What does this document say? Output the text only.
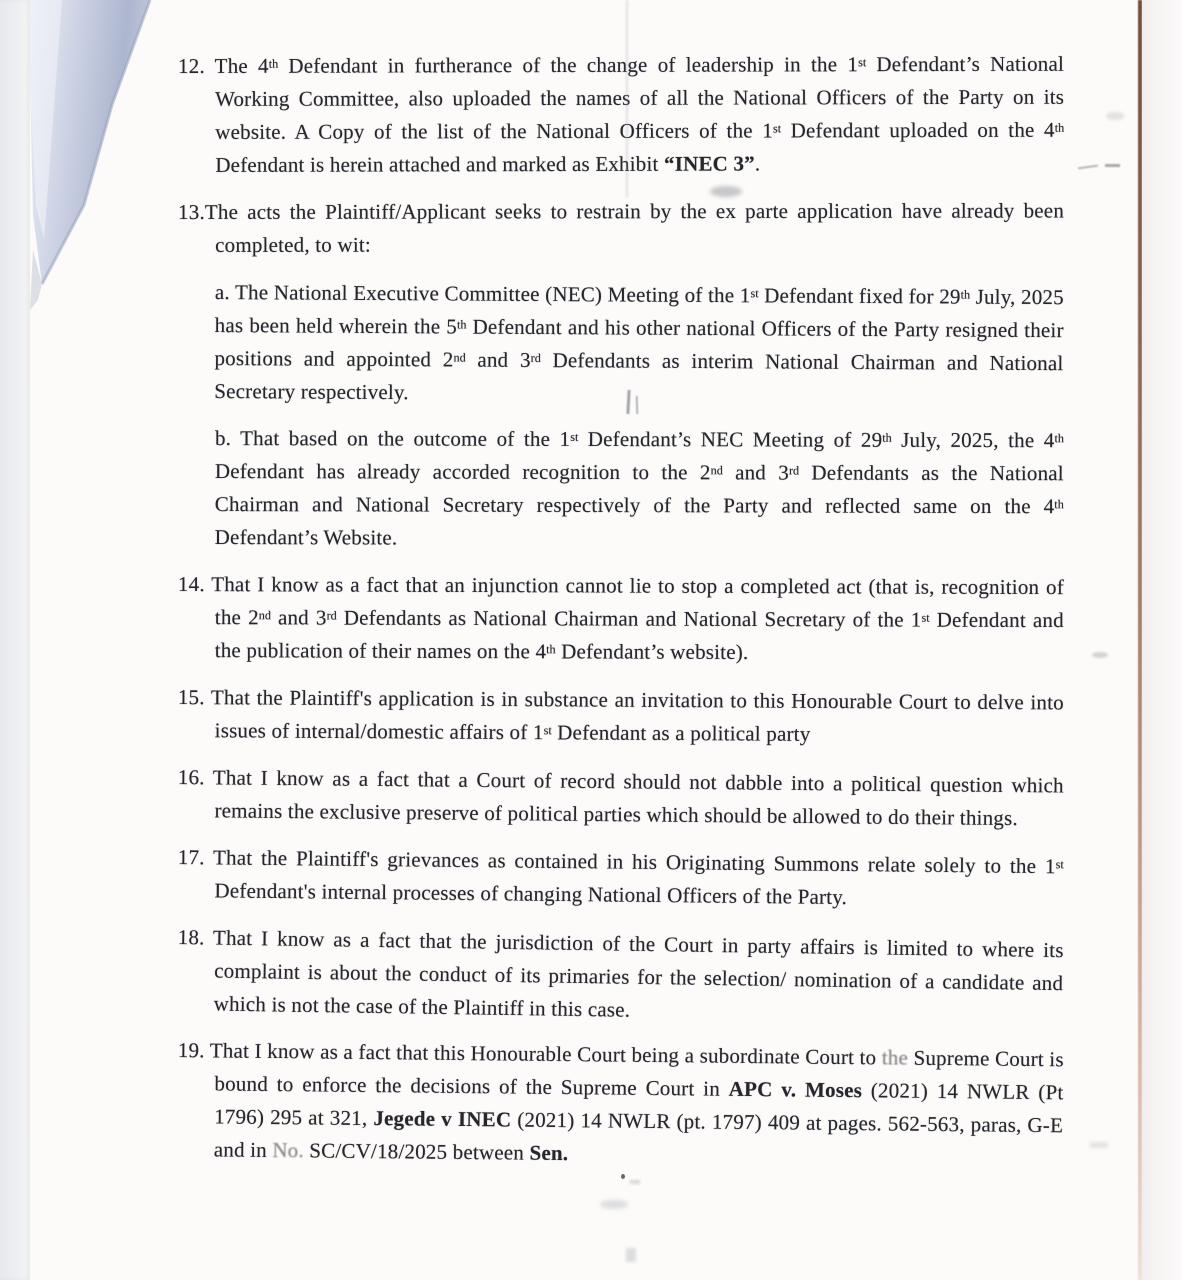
12. The 4th Defendant in furtherance of the change of leadership in the 1st Defendant’s National Working Committee, also uploaded the names of all the National Officers of the Party on its website. A Copy of the list of the National Officers of the 1st Defendant uploaded on the 4th Defendant is herein attached and marked as Exhibit “INEC 3”.
13.The acts the Plaintiff/Applicant seeks to restrain by the ex parte application have already been completed, to wit:
a. The National Executive Committee (NEC) Meeting of the 1st Defendant fixed for 29th July, 2025 has been held wherein the 5th Defendant and his other national Officers of the Party resigned their positions and appointed 2nd and 3rd Defendants as interim National Chairman and National Secretary respectively.
b. That based on the outcome of the 1st Defendant’s NEC Meeting of 29th July, 2025, the 4th Defendant has already accorded recognition to the 2nd and 3rd Defendants as the National Chairman and National Secretary respectively of the Party and reflected same on the 4th Defendant’s Website.
14. That I know as a fact that an injunction cannot lie to stop a completed act (that is, recognition of the 2nd and 3rd Defendants as National Chairman and National Secretary of the 1st Defendant and the publication of their names on the 4th Defendant’s website).
15. That the Plaintiff's application is in substance an invitation to this Honourable Court to delve into issues of internal/domestic affairs of 1st Defendant as a political party
16. That I know as a fact that a Court of record should not dabble into a political question which remains the exclusive preserve of political parties which should be allowed to do their things.
17. That the Plaintiff's grievances as contained in his Originating Summons relate solely to the 1st Defendant's internal processes of changing National Officers of the Party.
18. That I know as a fact that the jurisdiction of the Court in party affairs is limited to where its complaint is about the conduct of its primaries for the selection/ nomination of a candidate and which is not the case of the Plaintiff in this case.
19. That I know as a fact that this Honourable Court being a subordinate Court to the Supreme Court is bound to enforce the decisions of the Supreme Court in APC v. Moses (2021) 14 NWLR (Pt 1796) 295 at 321, Jegede v INEC (2021) 14 NWLR (pt. 1797) 409 at pages. 562-563, paras, G-E and in No. SC/CV/18/2025 between Sen.
